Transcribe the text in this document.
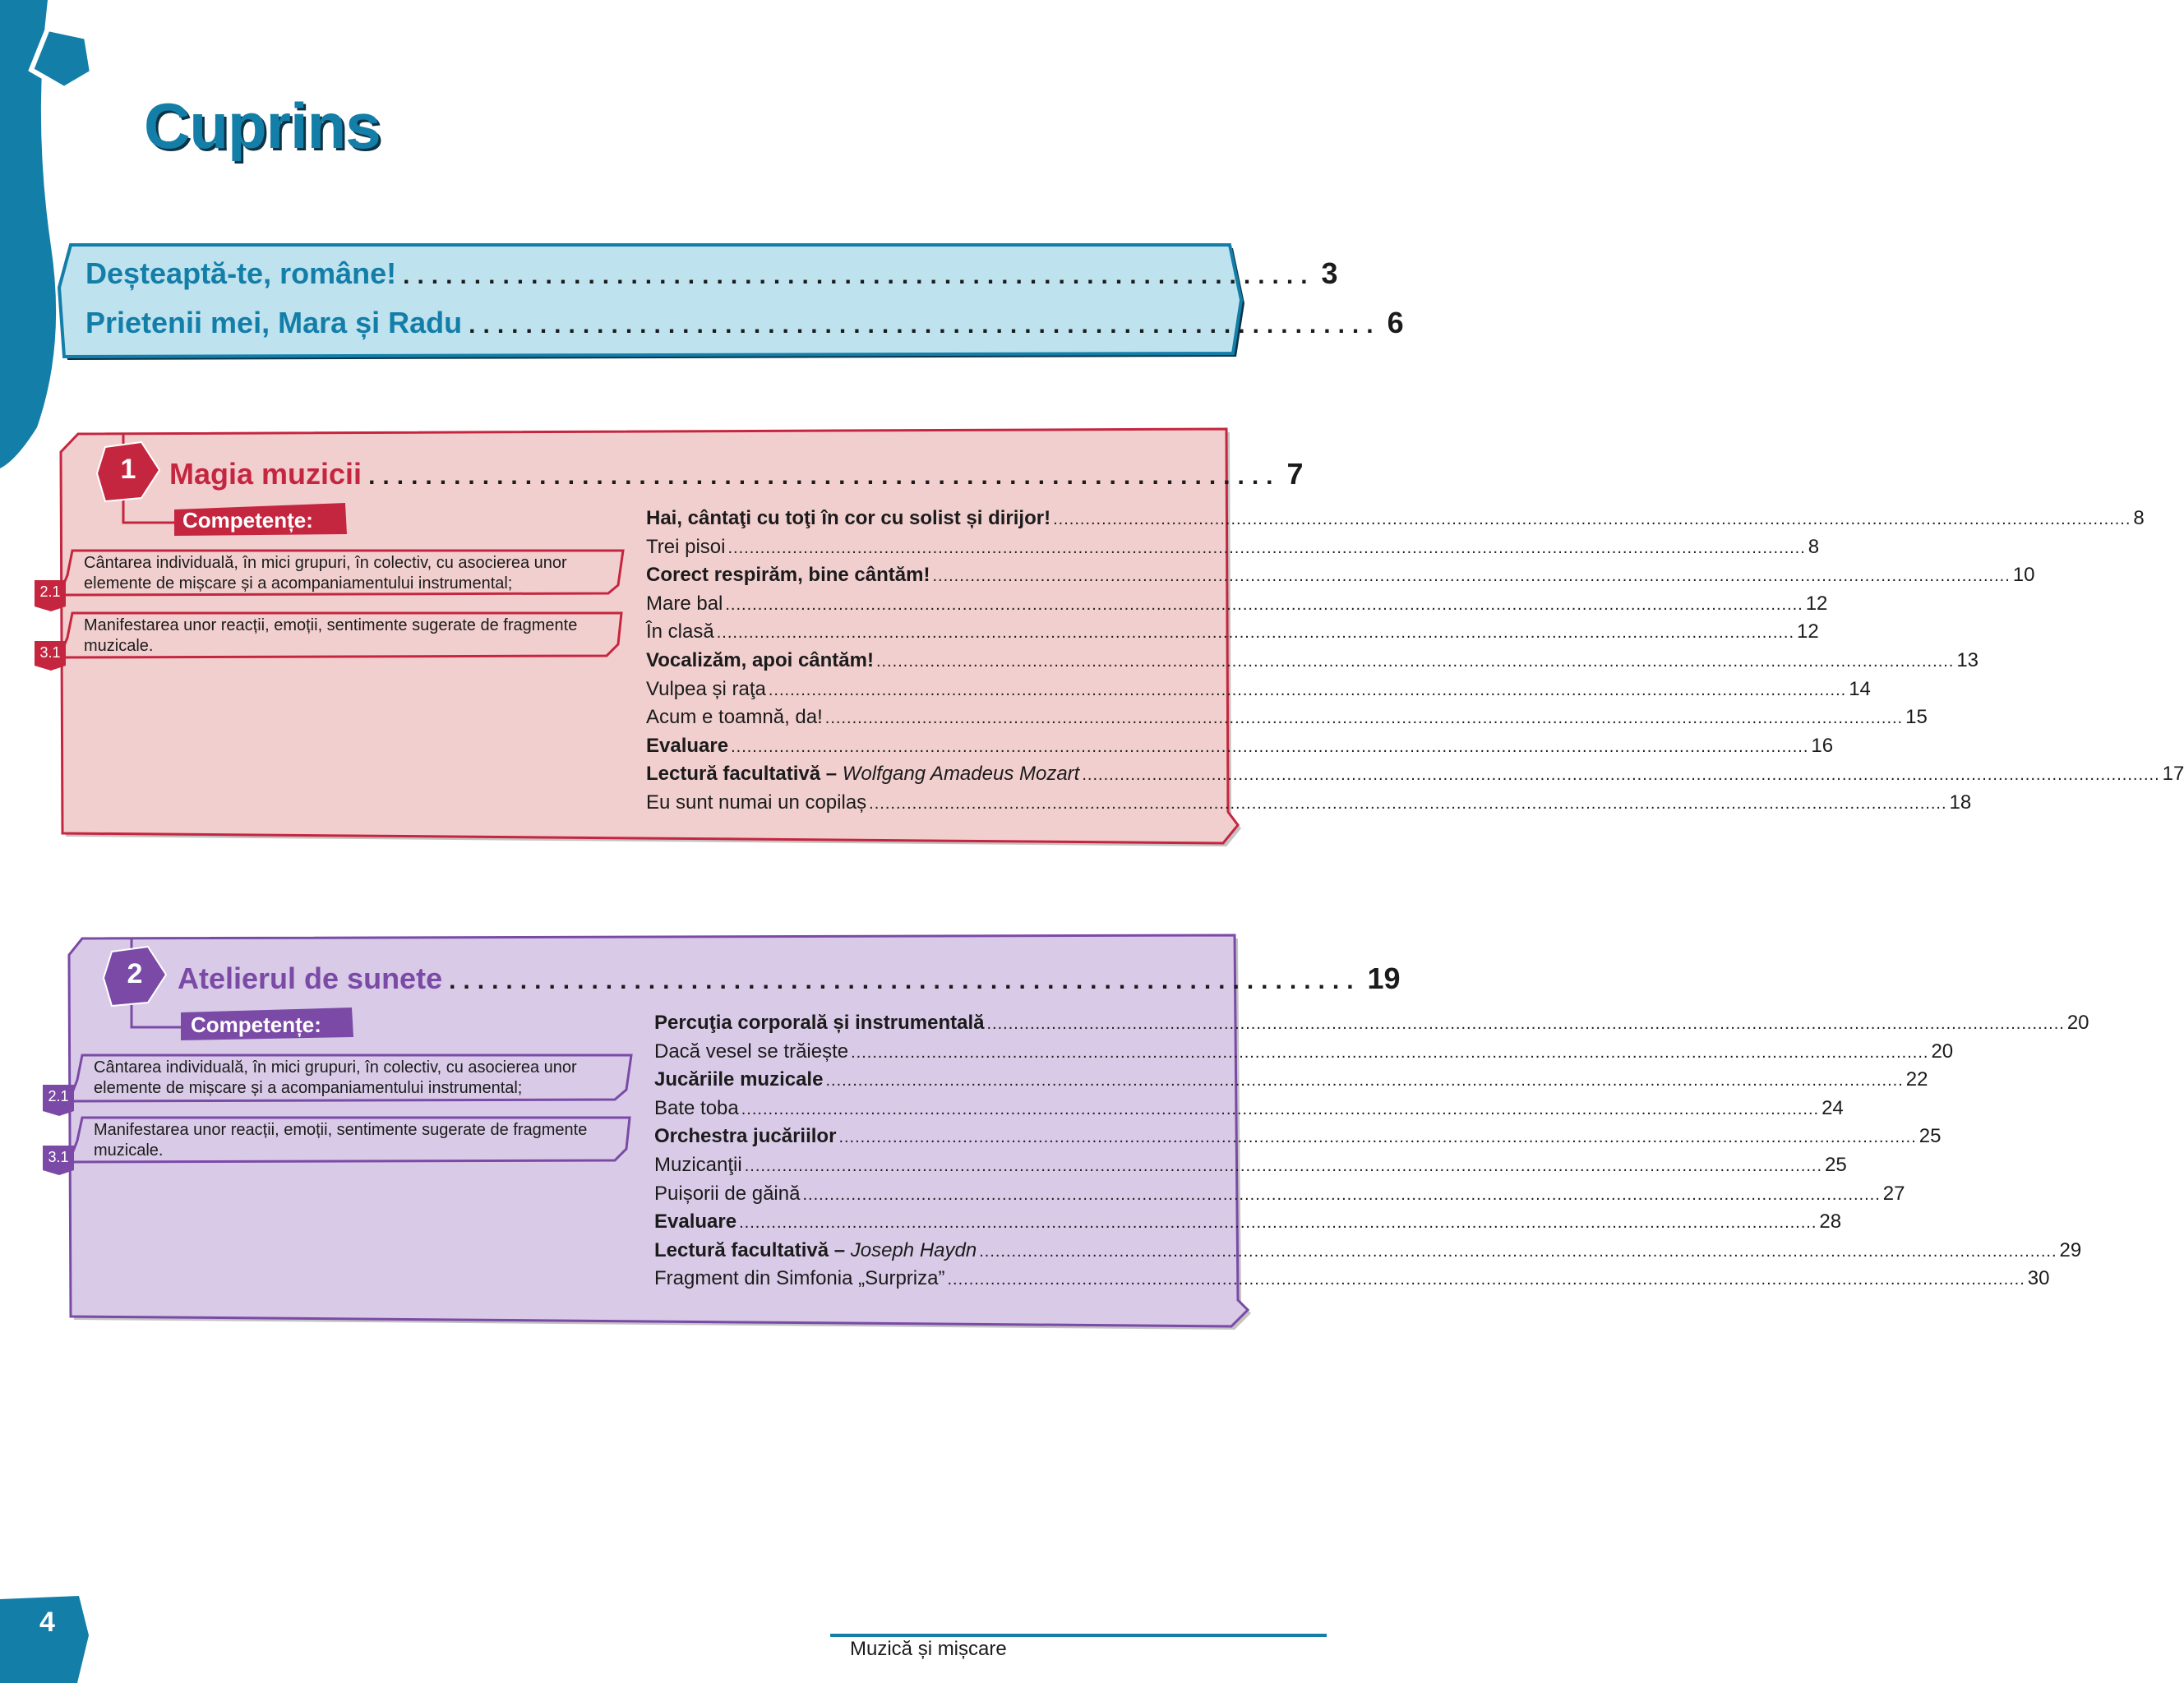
Cuprins
Deșteaptă-te, române! ................................................................ 3
Prietenii mei, Mara și Radu ................................................................ 6
1	Magia muzicii ................................................................ 7
Competențe:
Cântarea individuală, în mici grupuri, în colectiv, cu asocierea unor elemente de mișcare și a acompaniamentului instrumental;
2.1
Manifestarea unor reacții, emoții, sentimente sugerate de fragmente muzicale.
3.1
Hai, cântaţi cu toţi în cor cu solist și dirijor! ........................................................................................................................................................................................................ 8
Trei pisoi ........................................................................................................................................................................................................ 8
Corect respirăm, bine cântăm! ........................................................................................................................................................................................................ 10
Mare bal ........................................................................................................................................................................................................ 12
În clasă ........................................................................................................................................................................................................ 12
Vocalizăm, apoi cântăm! ........................................................................................................................................................................................................ 13
Vulpea și raţa ........................................................................................................................................................................................................ 14
Acum e toamnă, da! ........................................................................................................................................................................................................ 15
Evaluare ........................................................................................................................................................................................................ 16
Lectură facultativă – Wolfgang Amadeus Mozart ........................................................................................................................................................................................................ 17
Eu sunt numai un copilaș ........................................................................................................................................................................................................ 18
2	Atelierul de sunete ................................................................ 19
Competențe:
Cântarea individuală, în mici grupuri, în colectiv, cu asocierea unor elemente de mișcare și a acompaniamentului instrumental;
2.1
Manifestarea unor reacții, emoții, sentimente sugerate de fragmente muzicale.
3.1
Percuţia corporală și instrumentală ........................................................................................................................................................................................................ 20
Dacă vesel se trăiește ........................................................................................................................................................................................................ 20
Jucăriile muzicale ........................................................................................................................................................................................................ 22
Bate toba ........................................................................................................................................................................................................ 24
Orchestra jucăriilor ........................................................................................................................................................................................................ 25
Muzicanţii ........................................................................................................................................................................................................ 25
Puișorii de găină ........................................................................................................................................................................................................ 27
Evaluare ........................................................................................................................................................................................................ 28
Lectură facultativă – Joseph Haydn ........................................................................................................................................................................................................ 29
Fragment din Simfonia „Surpriza” ........................................................................................................................................................................................................ 30
4
Muzică și mișcare
